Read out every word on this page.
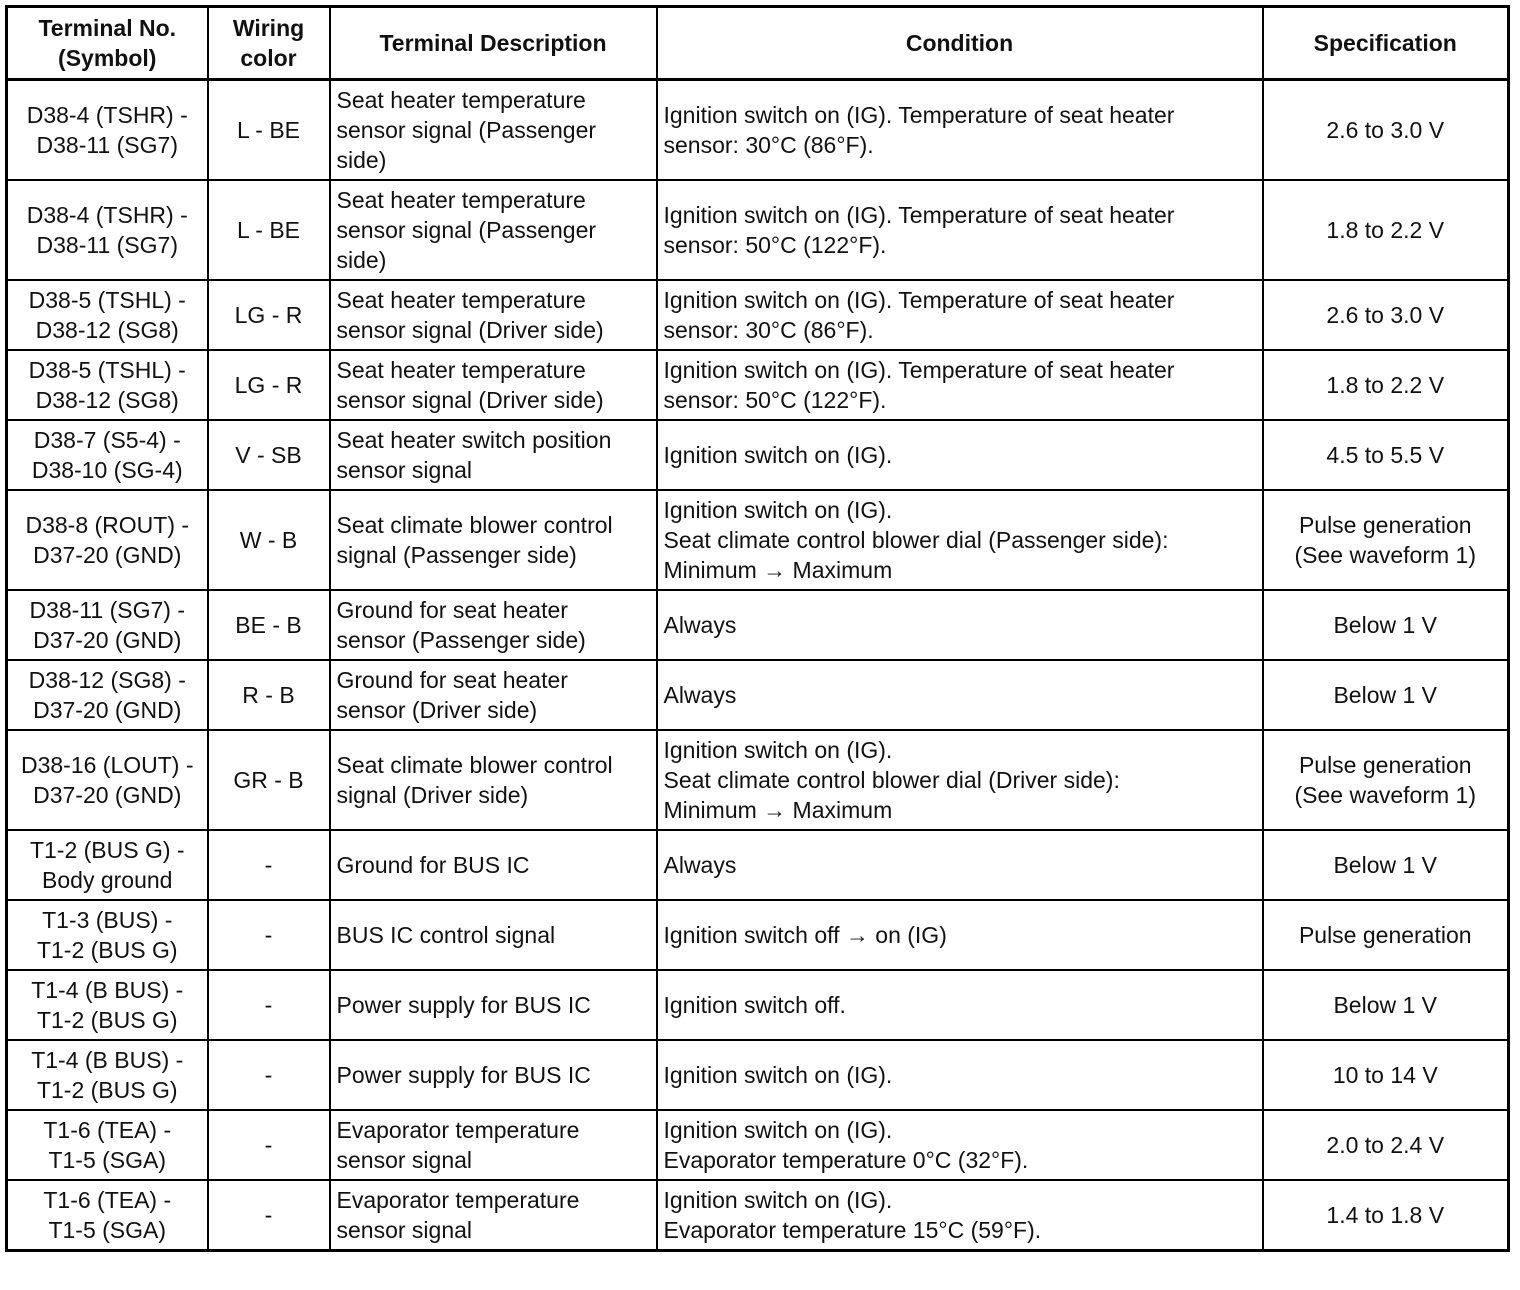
Terminal No.
(Symbol)	Wiring
color	Terminal Description	Condition	Specification

D38-4 (TSHR) -
D38-11 (SG7)	L - BE	Seat heater temperature
sensor signal (Passenger
side)	Ignition switch on (IG). Temperature of seat heater
sensor: 30°C (86°F).	2.6 to 3.0 V

D38-4 (TSHR) -
D38-11 (SG7)	L - BE	Seat heater temperature
sensor signal (Passenger
side)	Ignition switch on (IG). Temperature of seat heater
sensor: 50°C (122°F).	1.8 to 2.2 V

D38-5 (TSHL) -
D38-12 (SG8)	LG - R	Seat heater temperature
sensor signal (Driver side)	Ignition switch on (IG). Temperature of seat heater
sensor: 30°C (86°F).	2.6 to 3.0 V

D38-5 (TSHL) -
D38-12 (SG8)	LG - R	Seat heater temperature
sensor signal (Driver side)	Ignition switch on (IG). Temperature of seat heater
sensor: 50°C (122°F).	1.8 to 2.2 V

D38-7 (S5-4) -
D38-10 (SG-4)	V - SB	Seat heater switch position
sensor signal	Ignition switch on (IG).	4.5 to 5.5 V

D38-8 (ROUT) -
D37-20 (GND)	W - B	Seat climate blower control
signal (Passenger side)	Ignition switch on (IG).
Seat climate control blower dial (Passenger side):
Minimum → Maximum	Pulse generation
(See waveform 1)

D38-11 (SG7) -
D37-20 (GND)	BE - B	Ground for seat heater
sensor (Passenger side)	Always	Below 1 V

D38-12 (SG8) -
D37-20 (GND)	R - B	Ground for seat heater
sensor (Driver side)	Always	Below 1 V

D38-16 (LOUT) -
D37-20 (GND)	GR - B	Seat climate blower control
signal (Driver side)	Ignition switch on (IG).
Seat climate control blower dial (Driver side):
Minimum → Maximum	Pulse generation
(See waveform 1)

T1-2 (BUS G) -
Body ground	-	Ground for BUS IC	Always	Below 1 V

T1-3 (BUS) -
T1-2 (BUS G)	-	BUS IC control signal	Ignition switch off → on (IG)	Pulse generation

T1-4 (B BUS) -
T1-2 (BUS G)	-	Power supply for BUS IC	Ignition switch off.	Below 1 V

T1-4 (B BUS) -
T1-2 (BUS G)	-	Power supply for BUS IC	Ignition switch on (IG).	10 to 14 V

T1-6 (TEA) -
T1-5 (SGA)	-	Evaporator temperature
sensor signal	Ignition switch on (IG).
Evaporator temperature 0°C (32°F).	2.0 to 2.4 V

T1-6 (TEA) -
T1-5 (SGA)	-	Evaporator temperature
sensor signal	Ignition switch on (IG).
Evaporator temperature 15°C (59°F).	1.4 to 1.8 V
